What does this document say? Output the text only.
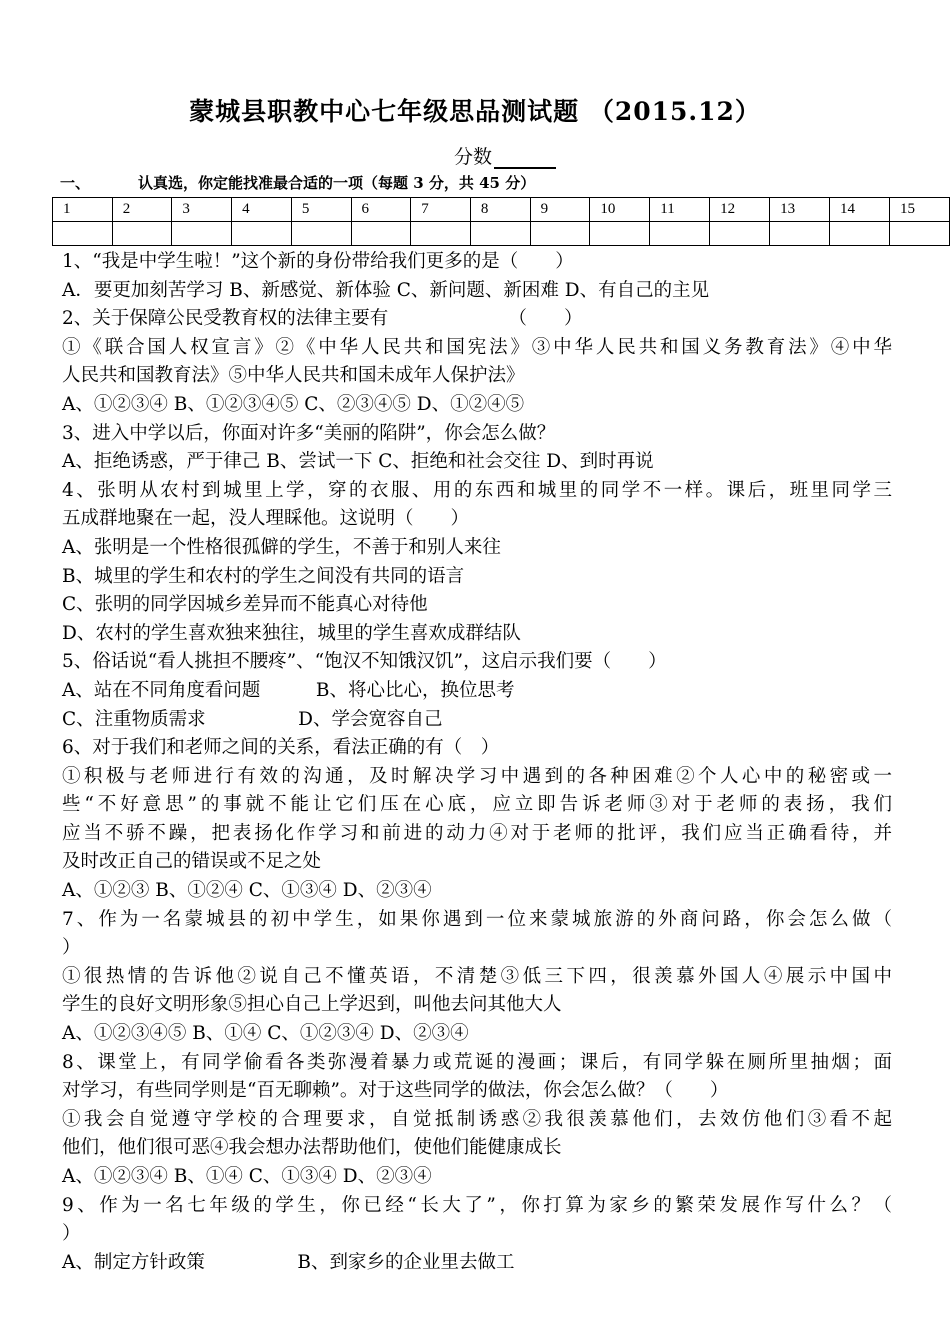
蒙城县职教中心七年级思品测试题 （2015.12）
分数
一、	认真选，你定能找准最合适的一项（每题 3 分，共 45 分）
1	2	3	4	5	6	7	8	9	10	11	12	13	14	15

1、“我是中学生啦！”这个新的身份带给我们更多的是（　　）
A．要更加刻苦学习 B、新感觉、新体验 C、新问题、新困难 D、有自己的主见
2、关于保障公民受教育权的法律主要有　　　　　　　（　　）
①《联合国人权宣言》②《中华人民共和国宪法》③中华人民共和国义务教育法》④中华
人民共和国教育法》⑤中华人民共和国未成年人保护法》
A、①②③④ B、①②③④⑤ C、②③④⑤ D、①②④⑤
3、进入中学以后，你面对许多“美丽的陷阱”，你会怎么做？
A、拒绝诱惑，严于律己 B、尝试一下 C、拒绝和社会交往 D、到时再说
4、张明从农村到城里上学，穿的衣服、用的东西和城里的同学不一样。课后，班里同学三
五成群地聚在一起，没人理睬他。这说明（　　）
A、张明是一个性格很孤僻的学生，不善于和别人来往
B、城里的学生和农村的学生之间没有共同的语言
C、张明的同学因城乡差异而不能真心对待他
D、农村的学生喜欢独来独往，城里的学生喜欢成群结队
5、俗话说“看人挑担不腰疼”、“饱汉不知饿汉饥”，这启示我们要（　　）
A、站在不同角度看问题　　　B、将心比心，换位思考
C、注重物质需求　　　　　D、学会宽容自己
6、对于我们和老师之间的关系，看法正确的有（　）
①积极与老师进行有效的沟通，及时解决学习中遇到的各种困难②个人心中的秘密或一
些“不好意思”的事就不能让它们压在心底，应立即告诉老师③对于老师的表扬，我们
应当不骄不躁，把表扬化作学习和前进的动力④对于老师的批评，我们应当正确看待，并
及时改正自己的错误或不足之处
A、①②③ B、①②④ C、①③④ D、②③④
7、作为一名蒙城县的初中学生，如果你遇到一位来蒙城旅游的外商问路，你会怎么做（
）
①很热情的告诉他②说自己不懂英语，不清楚③低三下四，很羡慕外国人④展示中国中
学生的良好文明形象⑤担心自己上学迟到，叫他去问其他大人
A、①②③④⑤ B、①④ C、①②③④ D、②③④
8、课堂上，有同学偷看各类弥漫着暴力或荒诞的漫画；课后，有同学躲在厕所里抽烟；面
对学习，有些同学则是“百无聊赖”。对于这些同学的做法，你会怎么做？（　　）
①我会自觉遵守学校的合理要求，自觉抵制诱惑②我很羡慕他们，去效仿他们③看不起
他们，他们很可恶④我会想办法帮助他们，使他们能健康成长
A、①②③④ B、①④ C、①③④ D、②③④
9、作为一名七年级的学生，你已经“长大了”，你打算为家乡的繁荣发展作写什么？（
）
A、制定方针政策　　　　　B、到家乡的企业里去做工
